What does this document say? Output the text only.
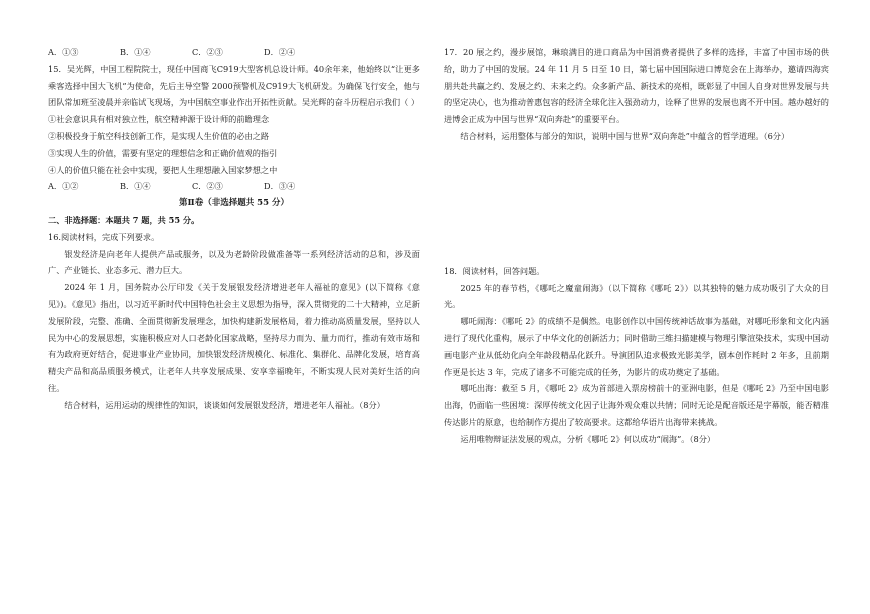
A．①③	B．①④	C．②③	D．②④
15．吴光辉，中国工程院院士，现任中国商飞C919大型客机总设计师。40余年来，他始终以“让更多乘客选择中国大飞机”为使命，先后主导空警 2000预警机及C919大飞机研发。为确保飞行安全，他与团队常加班至凌晨并亲临试飞现场，为中国航空事业作出开拓性贡献。吴光辉的奋斗历程启示我们（ ）
①社会意识具有相对独立性，航空精神源于设计师的前瞻理念
②积极投身于航空科技创新工作，是实现人生价值的必由之路
③实现人生的价值，需要有坚定的理想信念和正确价值观的指引
④人的价值只能在社会中实现，要把人生理想融入国家梦想之中
A．①②	B．①④	C．②③	D．③④
第Ⅱ卷（非选择题共 55 分）
二、非选择题：本题共 7 题，共 55 分。
16.阅读材料，完成下列要求。
银发经济是向老年人提供产品或服务，以及为老龄阶段做准备等一系列经济活动的总和，涉及面广、产业链长、业态多元、潜力巨大。
2024 年 1 月，国务院办公厅印发《关于发展银发经济增进老年人福祉的意见》(以下简称《意见》)。《意见》指出，以习近平新时代中国特色社会主义思想为指导，深入贯彻党的二十大精神，立足新发展阶段，完整、准确、全面贯彻新发展理念，加快构建新发展格局，着力推动高质量发展，坚持以人民为中心的发展思想，实施积极应对人口老龄化国家战略，坚持尽力而为、量力而行，推动有效市场和有为政府更好结合，促进事业产业协同，加快银发经济规模化、标准化、集群化、品牌化发展，培育高精尖产品和高品质服务模式，让老年人共享发展成果、安享幸福晚年，不断实现人民对美好生活的向往。
结合材料，运用运动的规律性的知识，谈谈如何发展银发经济，增进老年人福祉。（8分）
17．20 展之约，漫步展馆，琳琅满目的进口商品为中国消费者提供了多样的选择，丰富了中国市场的供给，助力了中国的发展。24 年 11 月 5 日至 10 日，第七届中国国际进口博览会在上海举办，邀请四海宾朋共赴共赢之约、发展之约、未来之约。众多新产品、新技术的亮相，既彰显了中国人自身对世界发展与共的坚定决心，也为推动普惠包容的经济全球化注入强劲动力，诠释了世界的发展也离不开中国。越办越好的进博会正成为中国与世界“双向奔赴”的重要平台。
结合材料，运用整体与部分的知识，说明中国与世界“双向奔赴”中蕴含的哲学道理。（6分）
18．阅读材料，回答问题。
2025 年的春节档，《哪吒之魔童闹海》（以下简称《哪吒 2》）以其独特的魅力成功吸引了大众的目光。
哪吒闹海：《哪吒 2》的成绩不是偶然。电影创作以中国传统神话故事为基础，对哪吒形象和文化内涵进行了现代化重构，展示了中华文化的创新活力；同时借助三维扫描建模与物理引擎渲染技术，实现中国动画电影产业从低幼化向全年龄段精品化跃升。导演团队追求极致光影美学，剧本创作耗时 2 年多，且前期作更是长达 3 年，完成了诸多不可能完成的任务，为影片的成功奠定了基础。
哪吒出海：截至 5 月，《哪吒 2》成为首部进入票房榜前十的亚洲电影，但是《哪吒 2》乃至中国电影出海，仍面临一些困境：深厚传统文化因子让海外观众难以共情；同时无论是配音版还是字幕版，能否精准传达影片的原意，也给制作方提出了较高要求。这都给华语片出海带来挑战。
运用唯物辩证法发展的观点，分析《哪吒 2》何以成功“闹海”。（8分）
